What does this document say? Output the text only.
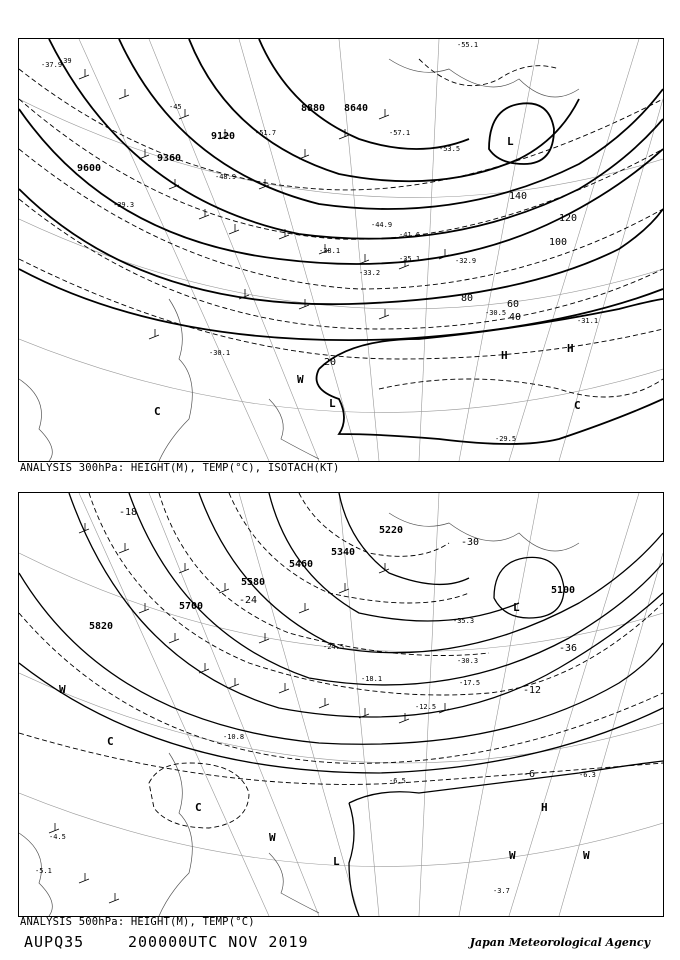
9600
9360
9120
8880 8640
140
120
100
80
60
40
20
L
L
H
H
W
C	C
-37.9
-39
-45
-51.7	-57.1
-53.5
-44.9
-41.6
-38.1
-35.1	-32.9
-33.2
-30.1
-31.1
-30.5
-29.5
-39.3
-48.9
-55.1
ANALYSIS 300hPa: HEIGHT(M), TEMP(°C), ISOTACH(KT)
5820
5700
5580
5460
5340
5220
5100
-18
-24
-30
-36
-12
-6
L
L
H
W
W	W
W
C
C
-4.5
-5.1
-3.7
-6.3
-6.5
-12.5
-18.1
-24.5
-30.3
-35.3
-17.5
-10.8
ANALYSIS 500hPa: HEIGHT(M), TEMP(°C)
AUPQ35	200000UTC NOV 2019	Japan Meteorological Agency
